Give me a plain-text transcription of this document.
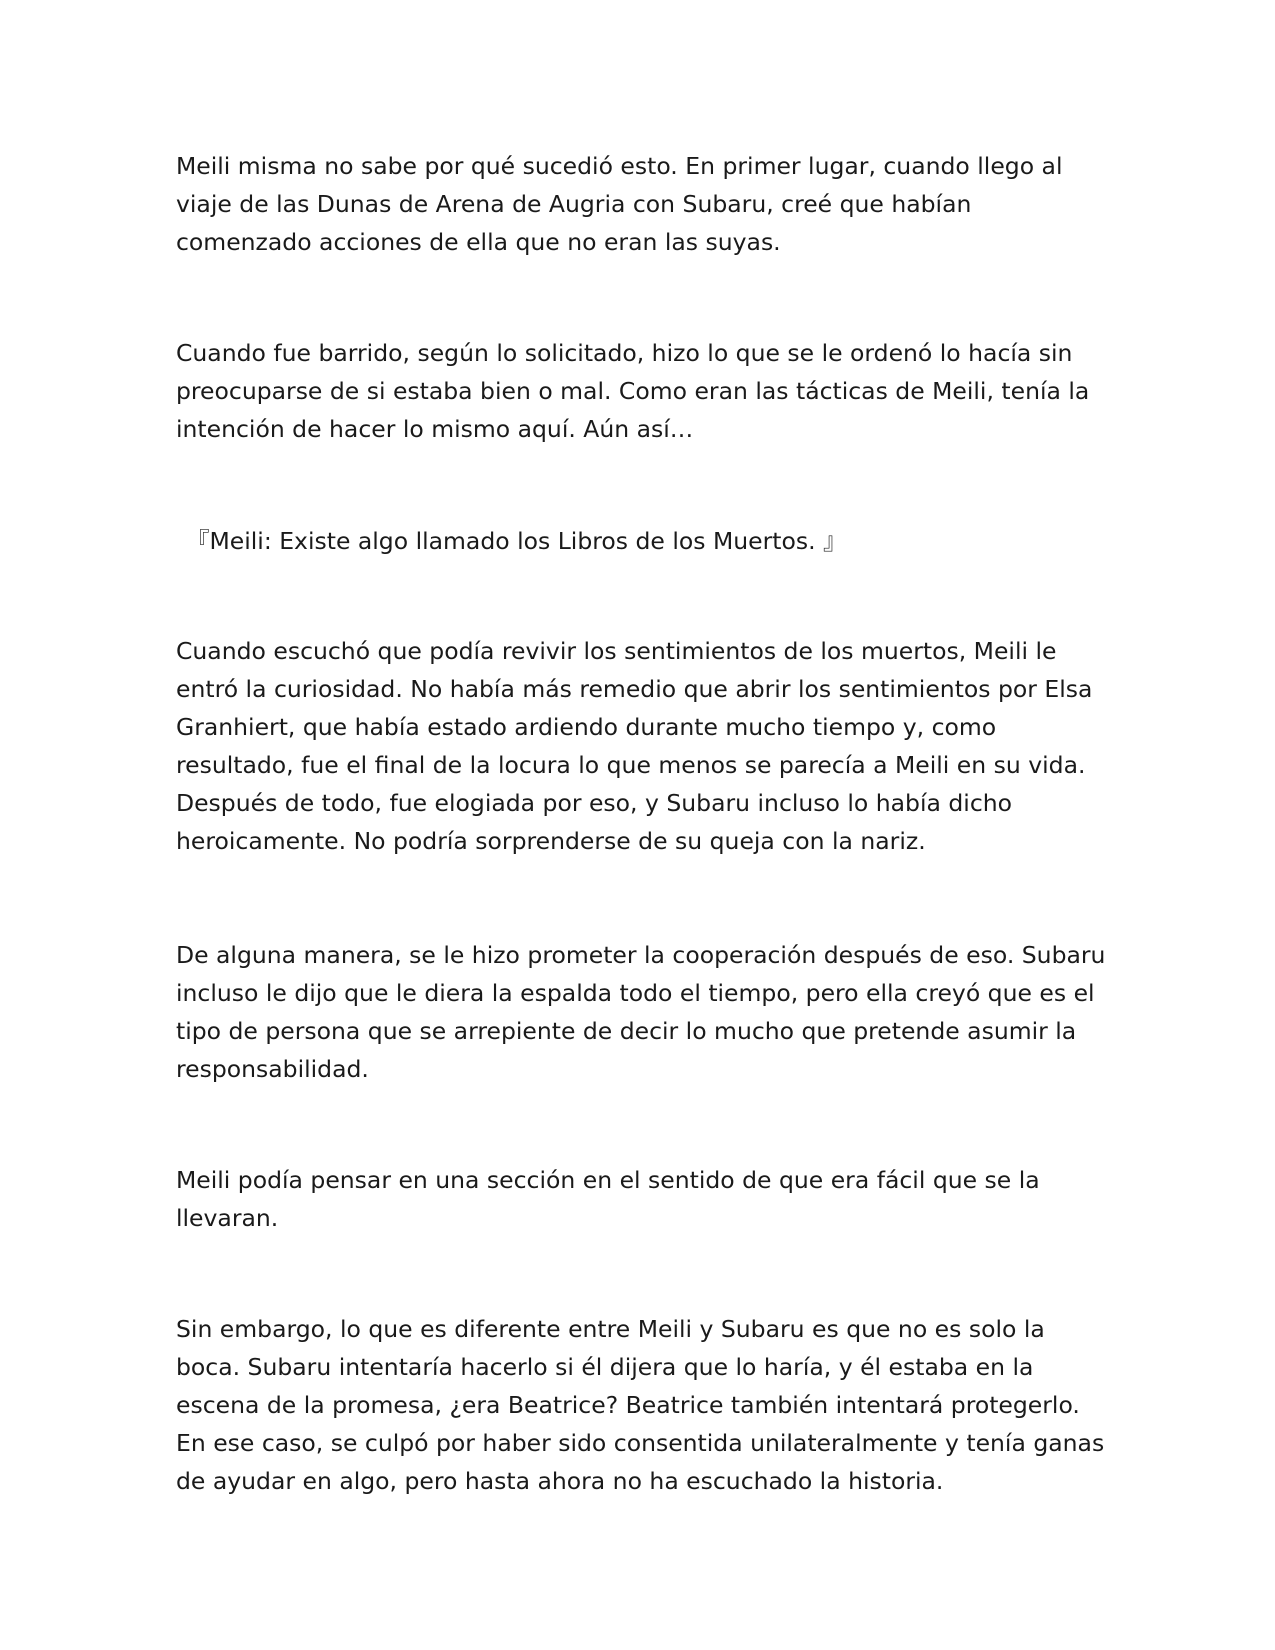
Meili misma no sabe por qué sucedió esto. En primer lugar, cuando llego al viaje de las Dunas de Arena de Augria con Subaru, creé que habían comenzado acciones de ella que no eran las suyas.

Cuando fue barrido, según lo solicitado, hizo lo que se le ordenó lo hacía sin preocuparse de si estaba bien o mal. Como eran las tácticas de Meili, tenía la intención de hacer lo mismo aquí. Aún así…

『Meili: Existe algo llamado los Libros de los Muertos. 』

Cuando escuchó que podía revivir los sentimientos de los muertos, Meili le entró la curiosidad. No había más remedio que abrir los sentimientos por Elsa Granhiert, que había estado ardiendo durante mucho tiempo y, como resultado, fue el final de la locura lo que menos se parecía a Meili en su vida. Después de todo, fue elogiada por eso, y Subaru incluso lo había dicho heroicamente. No podría sorprenderse de su queja con la nariz.

De alguna manera, se le hizo prometer la cooperación después de eso. Subaru incluso le dijo que le diera la espalda todo el tiempo, pero ella creyó que es el tipo de persona que se arrepiente de decir lo mucho que pretende asumir la responsabilidad.

Meili podía pensar en una sección en el sentido de que era fácil que se la llevaran.

Sin embargo, lo que es diferente entre Meili y Subaru es que no es solo la boca. Subaru intentaría hacerlo si él dijera que lo haría, y él estaba en la escena de la promesa, ¿era Beatrice? Beatrice también intentará protegerlo. En ese caso, se culpó por haber sido consentida unilateralmente y tenía ganas de ayudar en algo, pero hasta ahora no ha escuchado la historia.
